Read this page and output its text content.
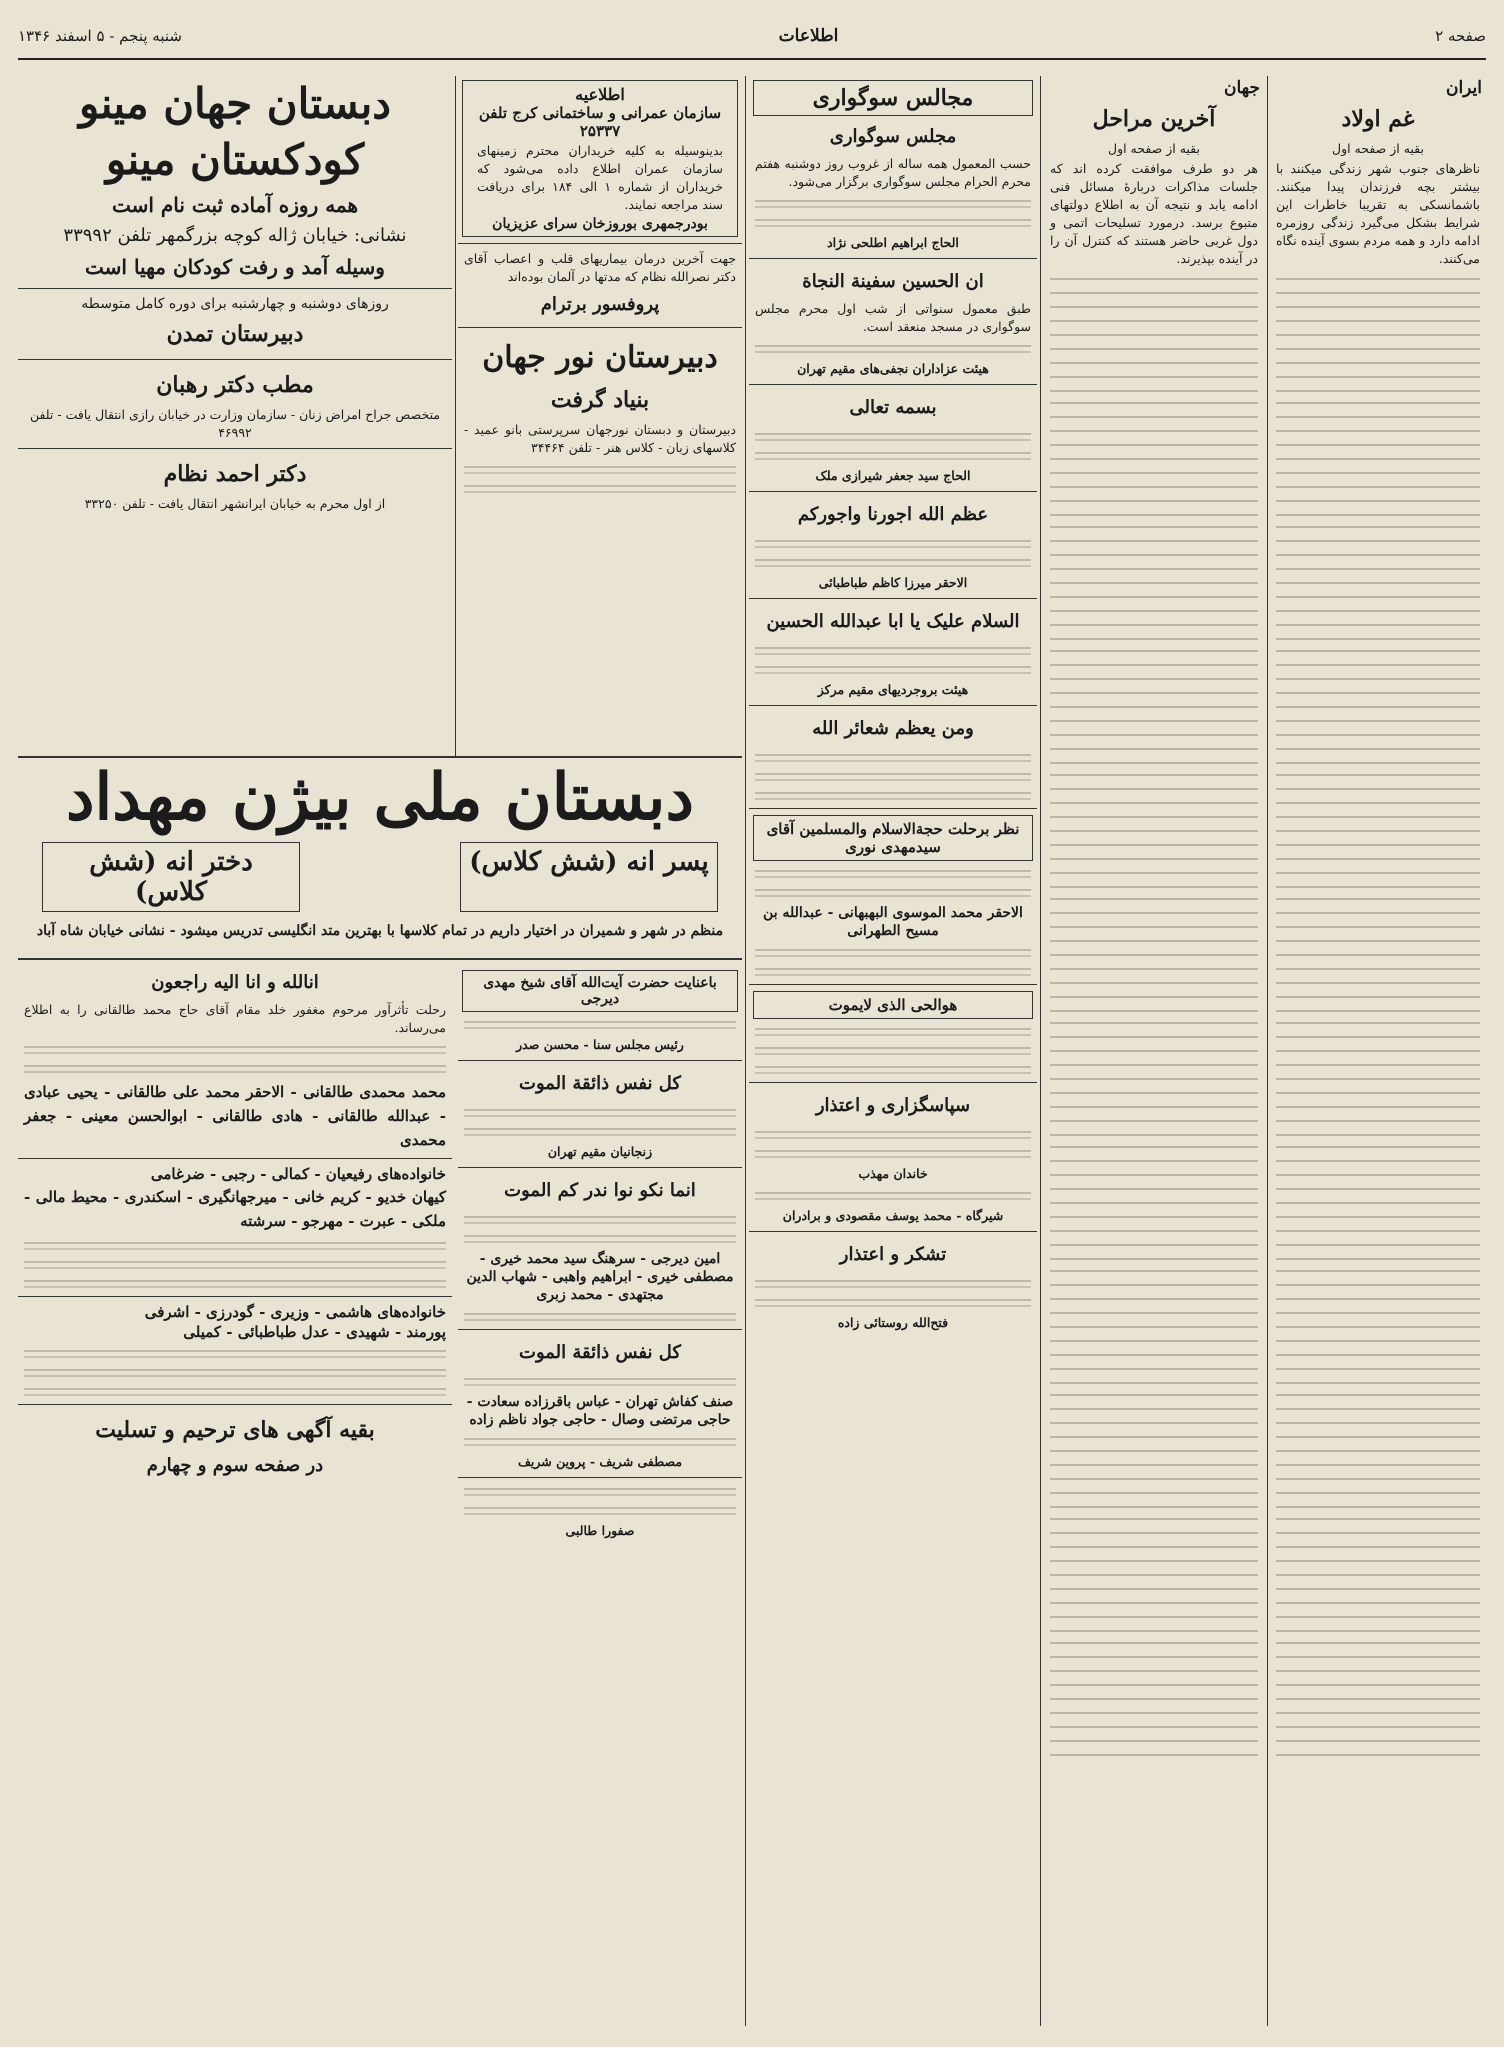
صفحه ۲
اطلاعات
شنبه پنجم - ۵ اسفند ۱۳۴۶
ایران
غم اولاد

بقیه از صفحه اول

ناظرهای جنوب شهر زندگی میکنند با بیشتر بچه فرزندان پیدا میکنند. باشمانسکی به تقریبا خاطرات این شرایط بشکل می‌گیرد زندگی روزمره ادامه دارد و همه مردم بسوی آینده نگاه می‌کنند.

جهان
آخرین مراحل

بقیه از صفحه اول

هر دو طرف موافقت کرده اند که جلسات مذاکرات دربارهٔ مسائل فنی ادامه یابد و نتیجه آن به اطلاع دولتهای متبوع برسد. درمورد تسلیحات اتمی و دول غربی حاضر هستند که کنترل آن را در آینده بپذیرند.

مجالس سوگواری
مجلس سوگواری

حسب المعمول همه ساله از غروب روز دوشنبه هفتم محرم الحرام مجلس سوگواری برگزار می‌شود.

الحاج ابراهیم اطلحی نژاد

ان الحسین سفینة النجاة

طبق معمول سنواتی از شب اول محرم مجلس سوگواری در مسجد منعقد است.

هیئت عزاداران نجفی‌های مقیم تهران

بسمه تعالی

الحاج سید جعفر شیرازی ملک

عظم الله اجورنا واجورکم

الاحقر میرزا کاظم طباطبائی

السلام علیک یا ابا عبدالله الحسین

هیئت بروجردیهای مقیم مرکز

ومن یعظم شعائر الله
نظر برحلت حجةالاسلام والمسلمین آقای سیدمهدی نوری

الاحقر محمد الموسوی البهبهانی - عبدالله بن مسیح الطهرانی

هوالحی الذی لایموت
سپاسگزاری و اعتذار

خاندان مهذب

شیرگاه - محمد یوسف مقصودی و برادران

تشکر و اعتذار

فتح‌الله روستائی زاده

اطلاعیه
سازمان عمرانی و ساختمانی کرج تلفن ۲۵۳۳۷

بدینوسیله به کلیه خریداران محترم زمینهای سازمان عمران اطلاع داده می‌شود که خریداران از شماره ۱ الی ۱۸۴ برای دریافت سند مراجعه نمایند.

بودرجمهری بوروزخان سرای عزیزیان

جهت آخرین درمان بیماریهای قلب و اعصاب آقای دکتر نصرالله نظام که مدتها در آلمان بوده‌اند

پروفسور برترام
دبیرستان نور جهان
بنیاد گرفت

دبیرستان و دبستان نورجهان سرپرستی بانو عمید - کلاسهای زبان - کلاس هنر - تلفن ۳۴۴۶۴

دبستان جهان مینو
کودکستان مینو

همه روزه آماده ثبت نام است

نشانی: خیابان ژاله کوچه بزرگمهر تلفن ۳۳۹۹۲

وسیله آمد و رفت کودکان مهیا است

روزهای دوشنبه و چهارشنبه برای دوره کامل متوسطه

دبیرستان تمدن
مطب دکتر رهبان

متخصص جراح امراض زنان - سازمان وزارت در خیابان رازی انتقال یافت - تلفن ۴۶۹۹۲

دکتر احمد نظام

از اول محرم به خیابان ایرانشهر انتقال یافت - تلفن ۳۳۲۵۰

دبستان ملی بیژن مهداد
پسر انه (شش کلاس)
دختر انه (شش کلاس)

منظم در شهر و شمیران در اختیار داریم در تمام کلاسها با بهترین متد انگلیسی تدریس میشود - نشانی خیابان شاه آباد

باعنایت حضرت آیت‌الله آقای شیخ مهدی دیرجی

رئیس مجلس سنا - محسن صدر

کل نفس ذائقة الموت

زنجانیان مقیم تهران

انما نکو نوا ندر کم الموت

امین دیرجی - سرهنگ سید محمد خیری - مصطفی خیری - ابراهیم واهبی - شهاب الدین مجتهدی - محمد زبری

کل نفس ذائقة الموت

صنف کفاش تهران - عباس باقرزاده سعادت - حاجی مرتضی وصال - حاجی جواد ناظم زاده

مصطفی شریف - پروین شریف

صفورا طالبی

انالله و انا الیه راجعون

رحلت تأثرآور مرحوم مغفور خلد مقام آقای حاج محمد طالقانی را به اطلاع می‌رساند.

محمد محمدی طالقانی - الاحقر محمد علی طالقانی - یحیی عبادی - عبدالله طالقانی - هادی طالقانی - ابوالحسن معینی - جعفر محمدی

خانواده‌های رفیعیان - کمالی - رجبی - ضرغامی

کیهان خدیو - کریم خانی - میرجهانگیری - اسکندری - محیط مالی - ملکی - عبرت - مهرجو - سرشته

خانواده‌های هاشمی - وزیری - گودرزی - اشرفی

پورمند - شهیدی - عدل طباطبائی - کمیلی

بقیه آگهی های ترحیم و تسلیت
در صفحه سوم و چهارم
